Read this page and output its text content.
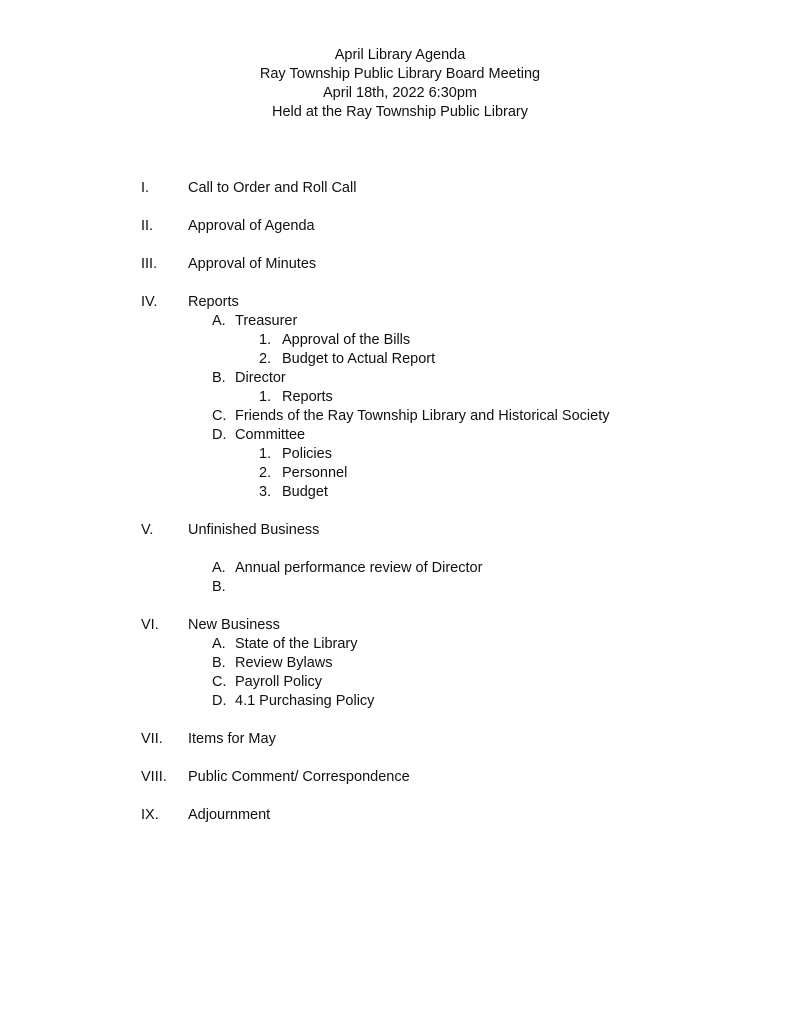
April Library Agenda
Ray Township Public Library Board Meeting
April 18th, 2022 6:30pm
Held at the Ray Township Public Library
I.	Call to Order and Roll Call
II. Approval of Agenda
III. Approval of Minutes
IV. Reports
A. Treasurer
1. Approval of the Bills
2. Budget to Actual Report
B. Director
1. Reports
C. Friends of the Ray Township Library and Historical Society
D. Committee
1. Policies
2. Personnel
3. Budget
V. Unfinished Business
A. Annual performance review of Director
B.
VI. New Business
A. State of the Library
B. Review Bylaws
C. Payroll Policy
D. 4.1 Purchasing Policy
VII. Items for May
VIII. Public Comment/ Correspondence
IX. Adjournment
